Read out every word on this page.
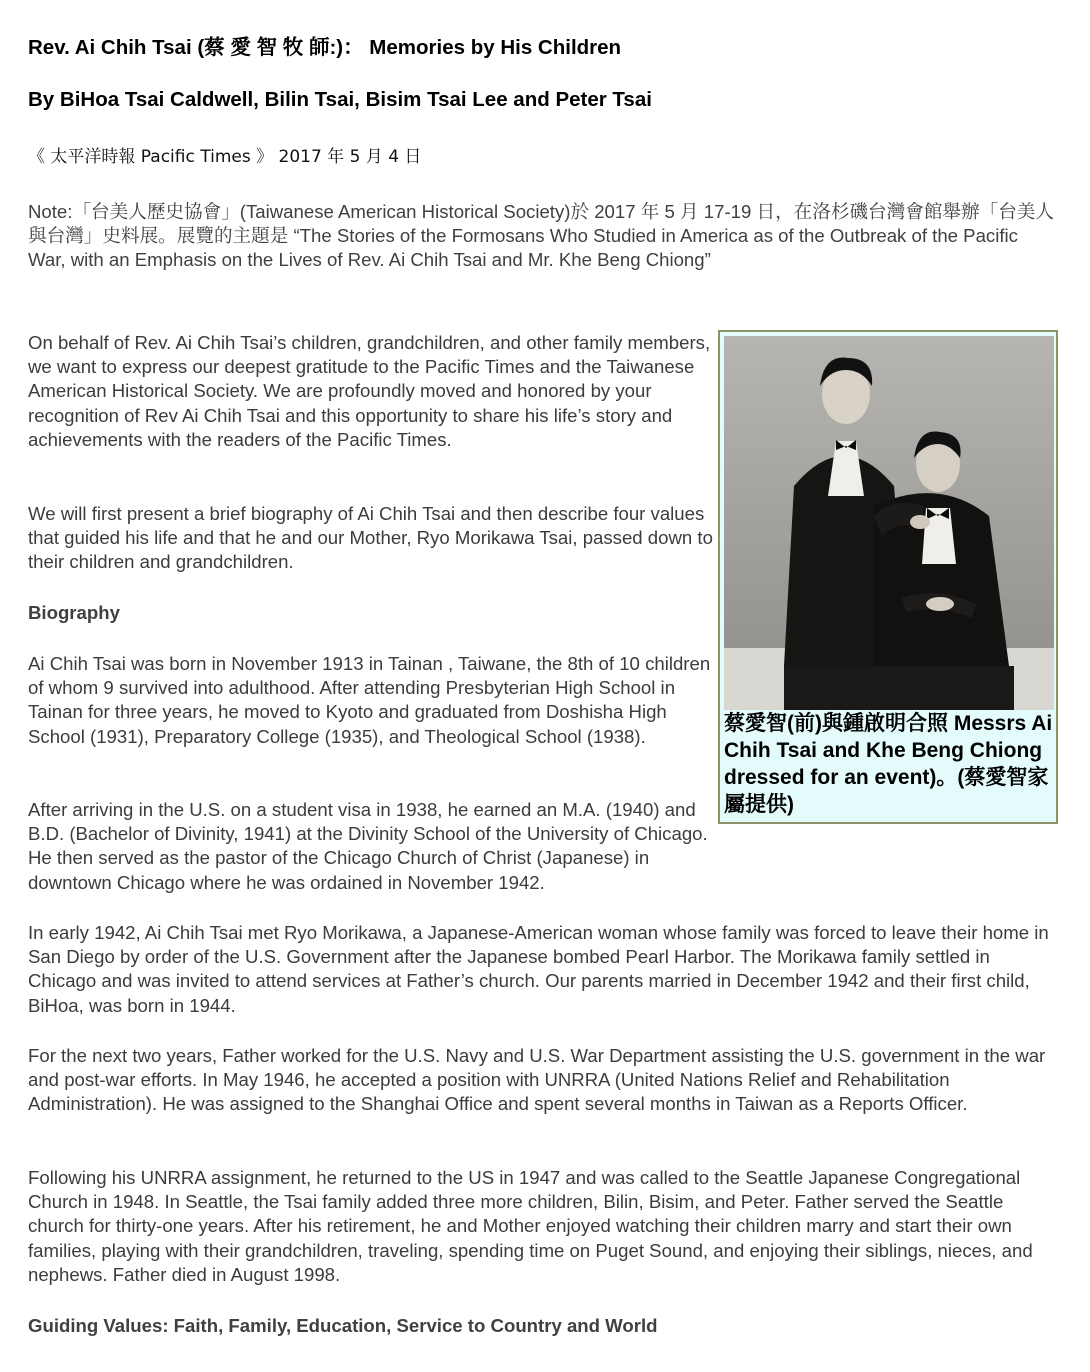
Rev. Ai Chih Tsai (蔡 愛 智 牧 師:)： Memories by His Children
By BiHoa Tsai Caldwell, Bilin Tsai, Bisim Tsai Lee and Peter Tsai

《 太平洋時報 Pacific Times 》 2017 年 5 月 4 日

Note:「台美人歷史協會」(Taiwanese American Historical Society)於 2017 年 5 月 17-19 日，在洛杉磯台灣會館舉辦「台美人與台灣」史料展。展覽的主題是 “The Stories of the Formosans Who Studied in America as of the Outbreak of the Pacific War, with an Emphasis on the Lives of Rev. Ai Chih Tsai and Mr. Khe Beng Chiong”

On behalf of Rev. Ai Chih Tsai’s children, grandchildren, and other family members, we want to express our deepest gratitude to the Pacific Times and the Taiwanese American Historical Society. We are profoundly moved and honored by your recognition of Rev Ai Chih Tsai and this opportunity to share his life’s story and achievements with the readers of the Pacific Times.

We will first present a brief biography of Ai Chih Tsai and then describe four values that guided his life and that he and our Mother, Ryo Morikawa Tsai, passed down to their children and grandchildren.

Biography

Ai Chih Tsai was born in November 1913 in Tainan , Taiwane, the 8th of 10 children of whom 9 survived into adulthood. After attending Presbyterian High School in Tainan for three years, he moved to Kyoto and graduated from Doshisha High School (1931), Preparatory College (1935), and Theological School (1938).

After arriving in the U.S. on a student visa in 1938, he earned an M.A. (1940) and B.D. (Bachelor of Divinity, 1941) at the Divinity School of the University of Chicago. He then served as the pastor of the Chicago Church of Christ (Japanese) in downtown Chicago where he was ordained in November 1942.

In early 1942, Ai Chih Tsai met Ryo Morikawa, a Japanese-American woman whose family was forced to leave their home in San Diego by order of the U.S. Government after the Japanese bombed Pearl Harbor. The Morikawa family settled in Chicago and was invited to attend services at Father’s church. Our parents married in December 1942 and their first child, BiHoa, was born in 1944.

For the next two years, Father worked for the U.S. Navy and U.S. War Department assisting the U.S. government in the war and post-war efforts. In May 1946, he accepted a position with UNRRA (United Nations Relief and Rehabilitation Administration). He was assigned to the Shanghai Office and spent several months in Taiwan as a Reports Officer.

Following his UNRRA assignment, he returned to the US in 1947 and was called to the Seattle Japanese Congregational Church in 1948. In Seattle, the Tsai family added three more children, Bilin, Bisim, and Peter. Father served the Seattle church for thirty-one years. After his retirement, he and Mother enjoyed watching their children marry and start their own families, playing with their grandchildren, traveling, spending time on Puget Sound, and enjoying their siblings, nieces, and nephews. Father died in August 1998.

Guiding Values: Faith, Family, Education, Service to Country and World
蔡愛智(前)與鍾啟明合照 Messrs Ai Chih Tsai and Khe Beng Chiong dressed for an event)。(蔡愛智家屬提供)
